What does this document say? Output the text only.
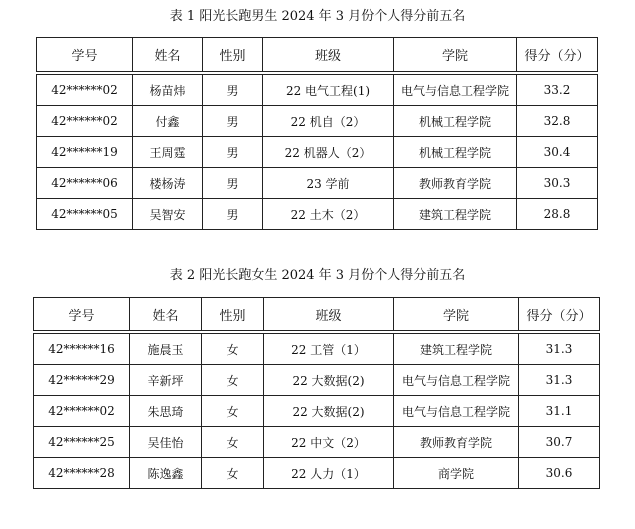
表 1 阳光长跑男生 2024 年 3 月份个人得分前五名
学号	姓名	性别	班级	学院	得分（分）
42******02	杨苗炜	男	22 电气工程(1)	电气与信息工程学院	33.2
42******02	付鑫	男	22 机自（2）	机械工程学院	32.8
42******19	王周霆	男	22 机器人（2）	机械工程学院	30.4
42******06	楼杨涛	男	23 学前	教师教育学院	30.3
42******05	吴智安	男	22 土木（2）	建筑工程学院	28.8
表 2 阳光长跑女生 2024 年 3 月份个人得分前五名
学号	姓名	性别	班级	学院	得分（分）
42******16	施晨玉	女	22 工管（1）	建筑工程学院	31.3
42******29	辛新坪	女	22 大数据(2)	电气与信息工程学院	31.3
42******02	朱思琦	女	22 大数据(2)	电气与信息工程学院	31.1
42******25	吴佳怡	女	22 中文（2）	教师教育学院	30.7
42******28	陈逸鑫	女	22 人力（1）	商学院	30.6
